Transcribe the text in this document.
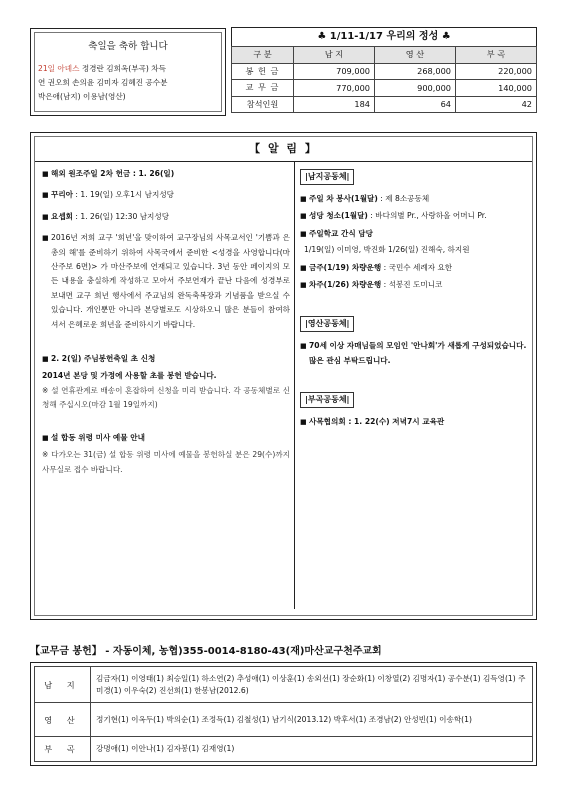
축일을 축하 합니다
21일 아녜스 정경란 김희옥(부곡) 차득
연 권오희 손의윤 김미자 김혜진 공수분
박은애(남지) 이용남(영산)
♣ 1/11-1/17 우리의 정성 ♣
구 분	남 지	영 산	부 곡
봉 헌 금	709,000	268,000	220,000
교 무 금	770,000	900,000	140,000
참석인원	184	64	42
【 알 림 】
■ 해외 원조주일 2차 헌금 : 1. 26(일)
■ 꾸리아 : 1. 19(일) 오후1시 남지성당
■ 요셉회 : 1. 26(일) 12:30 남지성당
■ 2016년 저희 교구 '희년'을 맞이하여 교구장님의 사목교서인 '기쁨과 은총의 해'를 준비하기 위하여 사목국에서 준비한 <성경을 사영합니다(마산주보 6면)> 가 마산주보에 연재되고 있습니다. 3년 동안 페이지의 모든 내용을 충실하게 작성하고 모아서 주보연재가 끝난 다음에 성경부로 보내면 교구 희년 행사에서 주교님의 완독축복장과 기념품을 받으실 수 있습니다. 개인뿐만 아니라 본당별로도 시상하오니 많은 분들이 참여하셔서 은혜로운 희년을 준비하시기 바랍니다.
■ 2. 2(일) 주님봉헌축일 초 신청
2014년 본당 및 가정에 사용할 초를 봉헌 받습니다.
※ 설 연휴관계로 배송이 혼잡하여 신청을 미리 받습니다. 각 공동체별로 신청해 주십시오(마감 1월 19일까지)
■ 설 합동 위령 미사 예물 안내
※ 다가오는 31(금) 설 합동 위령 미사에 예물을 봉헌하실 분은 29(수)까지 사무실로 접수 바랍니다.
|남지공동체|
■ 주일 차 봉사(1월달) : 제 8소공동체
■ 성당 청소(1월달) : 바다의별 Pr., 사랑하올 어머니 Pr.
■ 주일학교 간식 담당
1/19(일) 이미영, 박진화 1/26(일) 진해숙, 하지원
■ 금주(1/19) 차량운행 : 국민수 세례자 요한
■ 차주(1/26) 차량운행 : 석봉진 도미니코
|영산공동체|
■ 70세 이상 자매님들의 모임인 '안나회'가 새롭게 구성되었습니다. 많은 관심 부탁드립니다.
|부곡공동체|
■ 사목협의회 : 1. 22(수) 저녁7시 교육관
【교무금 봉헌】 - 자동이체, 농협)355-0014-8180-43(재)마산교구천주교회
남 지	김금자(1) 이영태(1) 최승일(1) 하소연(2) 추성애(1) 이상훈(1) 송외선(1) 장순화(1) 이창열(2) 김명자(1) 공수분(1) 김득영(1) 주미경(1) 이우숙(2) 진선희(1) 한봉남(2012.6)
영 산	정기현(1) 이옥두(1) 박의순(1) 조정득(1) 김철성(1) 남기식(2013.12) 박후서(1) 조경남(2) 안성빈(1) 이송학(1)
부 곡	강명애(1) 이안나(1) 김자봉(1) 김재영(1)
